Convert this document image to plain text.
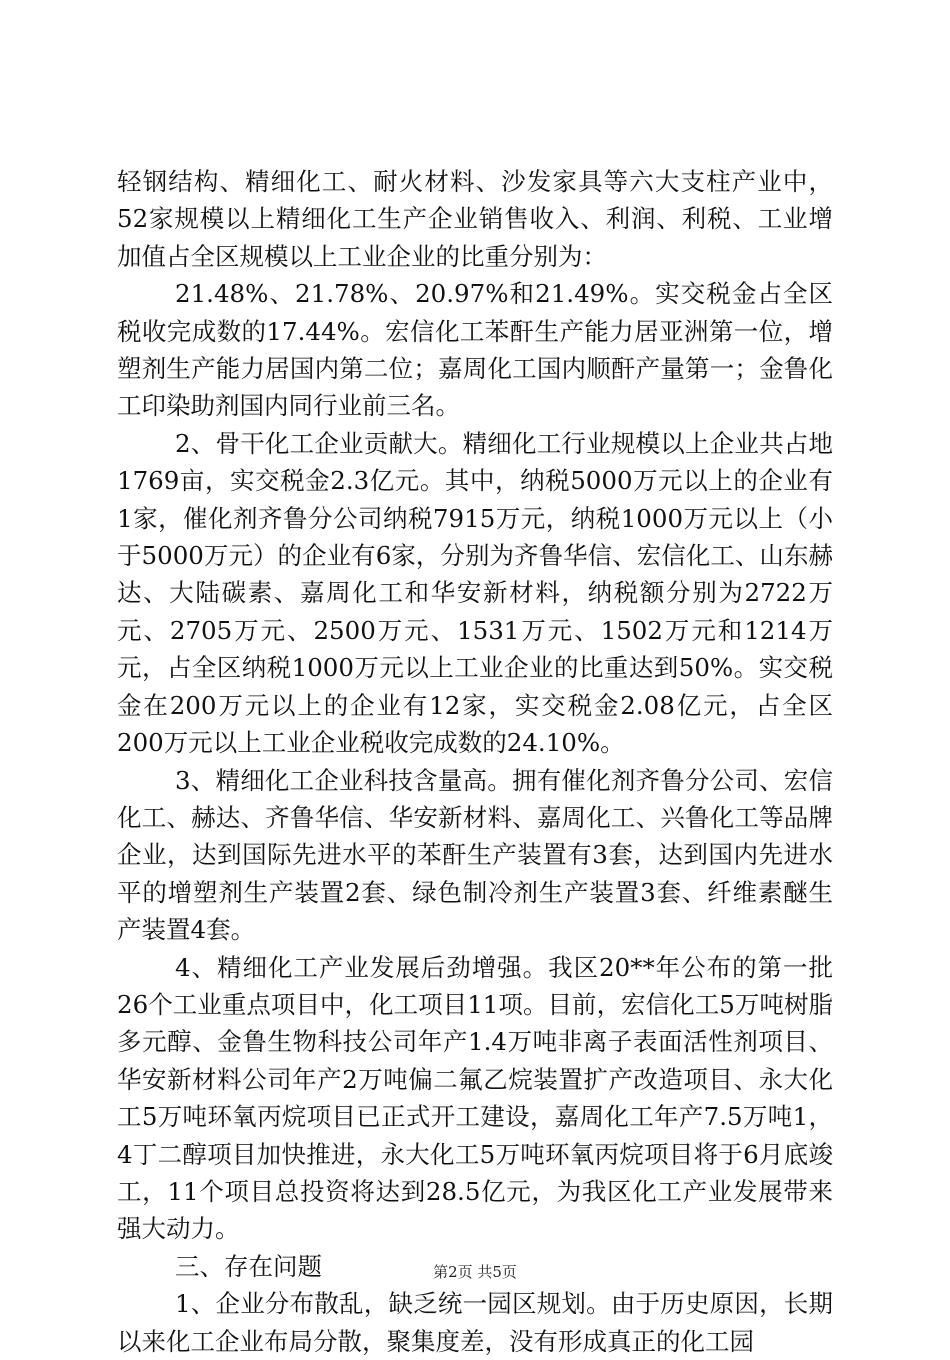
轻钢结构、精细化工、耐火材料、沙发家具等六大支柱产业中，52家规模以上精细化工生产企业销售收入、利润、利税、工业增加值占全区规模以上工业企业的比重分别为：

21.48%、21.78%、20.97%和21.49%。实交税金占全区税收完成数的17.44%。宏信化工苯酐生产能力居亚洲第一位，增塑剂生产能力居国内第二位；嘉周化工国内顺酐产量第一；金鲁化工印染助剂国内同行业前三名。

2、骨干化工企业贡献大。精细化工行业规模以上企业共占地1769亩，实交税金2.3亿元。其中，纳税5000万元以上的企业有1家，催化剂齐鲁分公司纳税7915万元，纳税1000万元以上（小于5000万元）的企业有6家，分别为齐鲁华信、宏信化工、山东赫达、大陆碳素、嘉周化工和华安新材料，纳税额分别为2722万元、2705万元、2500万元、1531万元、1502万元和1214万元，占全区纳税1000万元以上工业企业的比重达到50%。实交税金在200万元以上的企业有12家，实交税金2.08亿元，占全区200万元以上工业企业税收完成数的24.10%。

3、精细化工企业科技含量高。拥有催化剂齐鲁分公司、宏信化工、赫达、齐鲁华信、华安新材料、嘉周化工、兴鲁化工等品牌企业，达到国际先进水平的苯酐生产装置有3套，达到国内先进水平的增塑剂生产装置2套、绿色制冷剂生产装置3套、纤维素醚生产装置4套。

4、精细化工产业发展后劲增强。我区20**年公布的第一批26个工业重点项目中，化工项目11项。目前，宏信化工5万吨树脂多元醇、金鲁生物科技公司年产1.4万吨非离子表面活性剂项目、华安新材料公司年产2万吨偏二氟乙烷装置扩产改造项目、永大化工5万吨环氧丙烷项目已正式开工建设，嘉周化工年产7.5万吨1，4丁二醇项目加快推进，永大化工5万吨环氧丙烷项目将于6月底竣工，11个项目总投资将达到28.5亿元，为我区化工产业发展带来强大动力。

三、存在问题

1、企业分布散乱，缺乏统一园区规划。由于历史原因，长期以来化工企业布局分散，聚集度差，没有形成真正的化工园

第2页 共5页
